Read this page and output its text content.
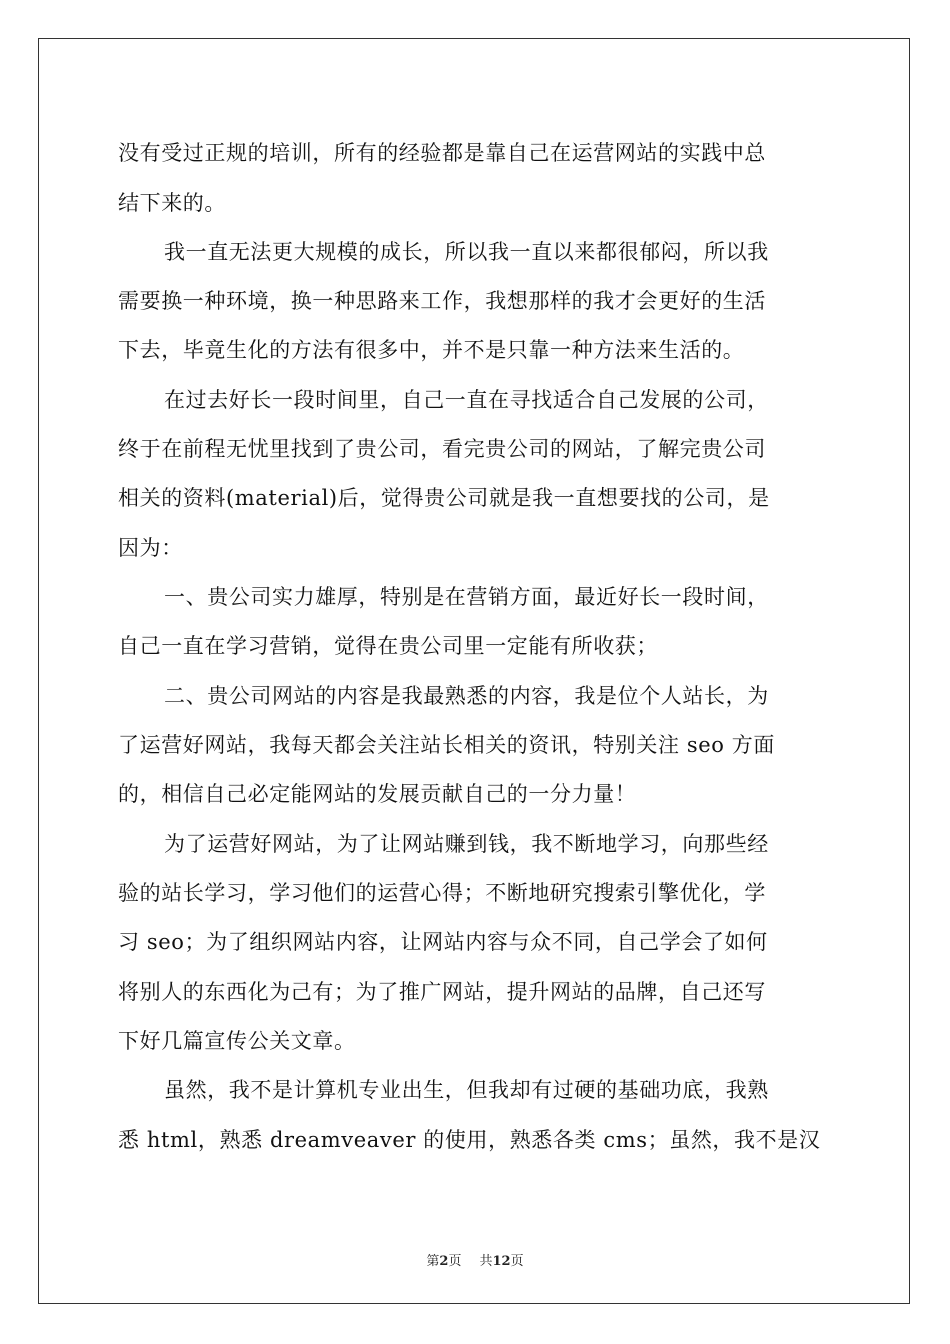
没有受过正规的培训，所有的经验都是靠自己在运营网站的实践中总
结下来的。
我一直无法更大规模的成长，所以我一直以来都很郁闷，所以我
需要换一种环境，换一种思路来工作，我想那样的我才会更好的生活
下去，毕竟生化的方法有很多中，并不是只靠一种方法来生活的。
在过去好长一段时间里，自己一直在寻找适合自己发展的公司，
终于在前程无忧里找到了贵公司，看完贵公司的网站，了解完贵公司
相关的资料(material)后，觉得贵公司就是我一直想要找的公司，是
因为：
一、贵公司实力雄厚，特别是在营销方面，最近好长一段时间，
自己一直在学习营销，觉得在贵公司里一定能有所收获；
二、贵公司网站的内容是我最熟悉的内容，我是位个人站长，为
了运营好网站，我每天都会关注站长相关的资讯，特别关注 seo 方面
的，相信自己必定能网站的发展贡献自己的一分力量！
为了运营好网站，为了让网站赚到钱，我不断地学习，向那些经
验的站长学习，学习他们的运营心得；不断地研究搜索引擎优化，学
习 seo；为了组织网站内容，让网站内容与众不同，自己学会了如何
将别人的东西化为己有；为了推广网站，提升网站的品牌，自己还写
下好几篇宣传公关文章。
虽然，我不是计算机专业出生，但我却有过硬的基础功底，我熟
悉 html，熟悉 dreamveaver 的使用，熟悉各类 cms；虽然，我不是汉
第2页 共12页
